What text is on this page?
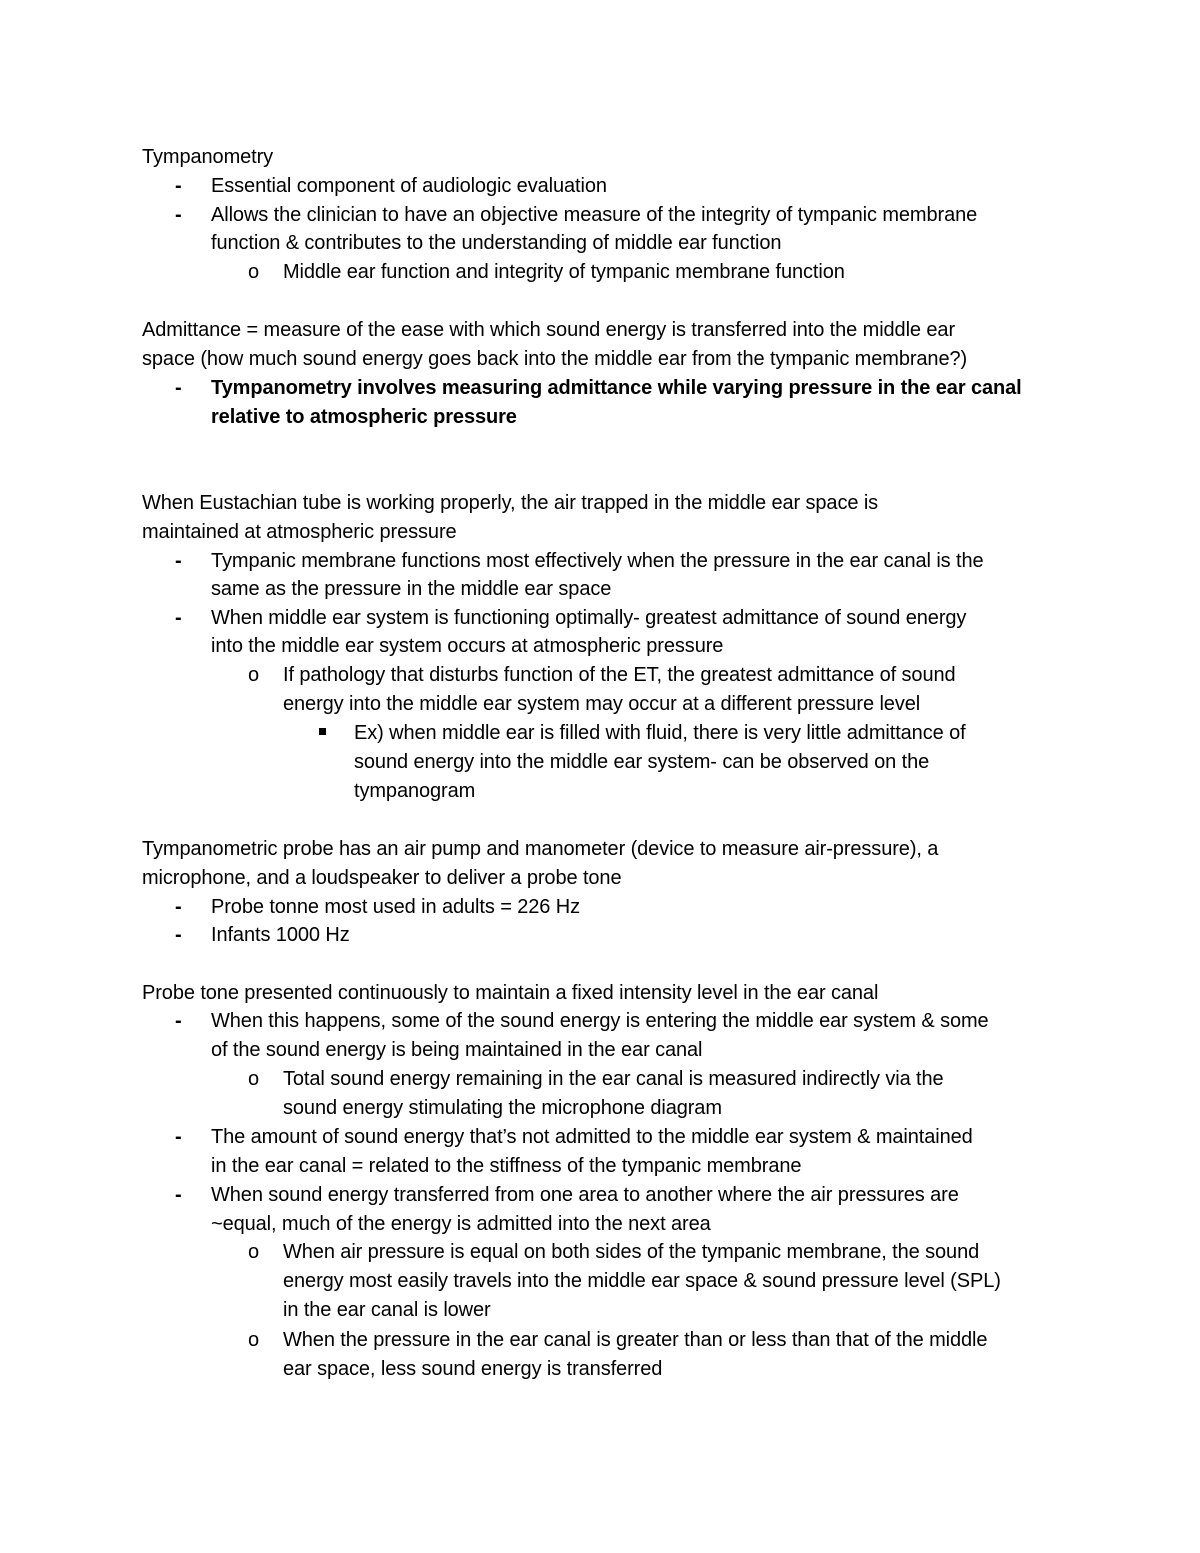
Tympanometry
- Essential component of audiologic evaluation
- Allows the clinician to have an objective measure of the integrity of tympanic membrane
function & contributes to the understanding of middle ear function
o Middle ear function and integrity of tympanic membrane function
Admittance = measure of the ease with which sound energy is transferred into the middle ear
space (how much sound energy goes back into the middle ear from the tympanic membrane?)
- Tympanometry involves measuring admittance while varying pressure in the ear canal
relative to atmospheric pressure
When Eustachian tube is working properly, the air trapped in the middle ear space is
maintained at atmospheric pressure
- Tympanic membrane functions most effectively when the pressure in the ear canal is the
same as the pressure in the middle ear space
- When middle ear system is functioning optimally- greatest admittance of sound energy
into the middle ear system occurs at atmospheric pressure
o If pathology that disturbs function of the ET, the greatest admittance of sound
energy into the middle ear system may occur at a different pressure level
Ex) when middle ear is filled with fluid, there is very little admittance of
sound energy into the middle ear system- can be observed on the
tympanogram
Tympanometric probe has an air pump and manometer (device to measure air-pressure), a
microphone, and a loudspeaker to deliver a probe tone
- Probe tonne most used in adults = 226 Hz
- Infants 1000 Hz
Probe tone presented continuously to maintain a fixed intensity level in the ear canal
- When this happens, some of the sound energy is entering the middle ear system & some
of the sound energy is being maintained in the ear canal
o Total sound energy remaining in the ear canal is measured indirectly via the
sound energy stimulating the microphone diagram
- The amount of sound energy that’s not admitted to the middle ear system & maintained
in the ear canal = related to the stiffness of the tympanic membrane
- When sound energy transferred from one area to another where the air pressures are
~equal, much of the energy is admitted into the next area
o When air pressure is equal on both sides of the tympanic membrane, the sound
energy most easily travels into the middle ear space & sound pressure level (SPL)
in the ear canal is lower
o When the pressure in the ear canal is greater than or less than that of the middle
ear space, less sound energy is transferred
